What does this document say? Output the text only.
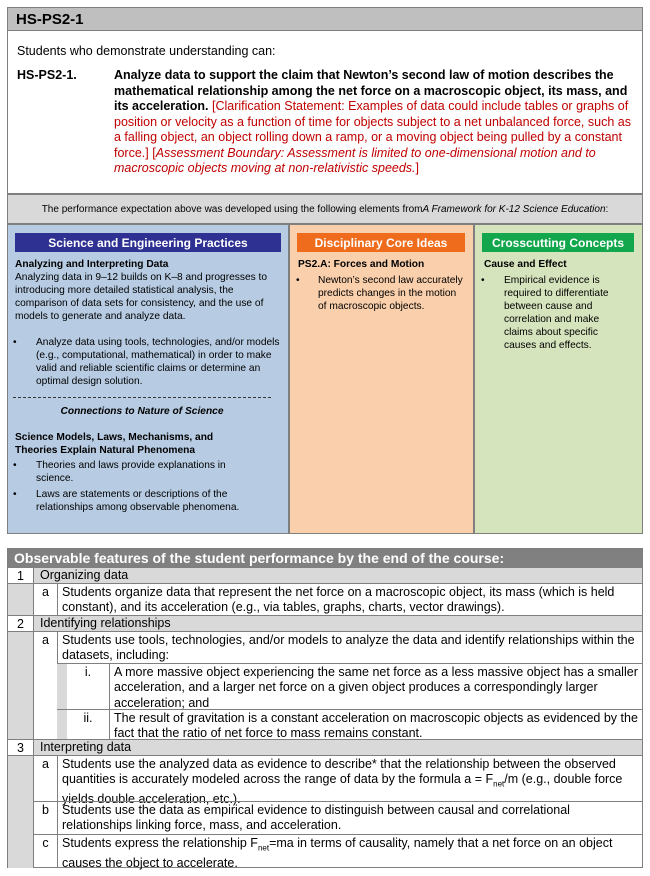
HS-PS2-1
Students who demonstrate understanding can:
HS-PS2-1.	Analyze data to support the claim that Newton’s second law of motion describes the mathematical relationship among the net force on a macroscopic object, its mass, and its acceleration. [Clarification Statement: Examples of data could include tables or graphs of position or velocity as a function of time for objects subject to a net unbalanced force, such as a falling object, an object rolling down a ramp, or a moving object being pulled by a constant force.] [Assessment Boundary: Assessment is limited to one-dimensional motion and to macroscopic objects moving at non-relativistic speeds.]
The performance expectation above was developed using the following elements from A Framework for K-12 Science Education :
Science and Engineering Practices
Analyzing and Interpreting Data
Analyzing data in 9–12 builds on K–8 and progresses to introducing more detailed statistical analysis, the comparison of data sets for consistency, and the use of models to generate and analyze data.
• Analyze data using tools, technologies, and/or models (e.g., computational, mathematical) in order to make valid and reliable scientific claims or determine an optimal design solution.
Connections to Nature of Science
Science Models, Laws, Mechanisms, and Theories Explain Natural Phenomena
• Theories and laws provide explanations in science.
• Laws are statements or descriptions of the relationships among observable phenomena.
Disciplinary Core Ideas
PS2.A: Forces and Motion
• Newton’s second law accurately predicts changes in the motion of macroscopic objects.
Crosscutting Concepts
Cause and Effect
• Empirical evidence is required to differentiate between cause and correlation and make claims about specific causes and effects.
Observable features of the student performance by the end of the course:
1	Organizing data
a	Students organize data that represent the net force on a macroscopic object, its mass (which is held constant), and its acceleration (e.g., via tables, graphs, charts, vector drawings).
2	Identifying relationships
a	Students use tools, technologies, and/or models to analyze the data and identify relationships within the datasets, including:
i.	A more massive object experiencing the same net force as a less massive object has a smaller acceleration, and a larger net force on a given object produces a correspondingly larger acceleration; and
ii.	The result of gravitation is a constant acceleration on macroscopic objects as evidenced by the fact that the ratio of net force to mass remains constant.
3	Interpreting data
a	Students use the analyzed data as evidence to describe* that the relationship between the observed quantities is accurately modeled across the range of data by the formula $a = F_{net}/m$ (e.g., double force yields double acceleration, etc.).
b	Students use the data as empirical evidence to distinguish between causal and correlational relationships linking force, mass, and acceleration.
c	Students express the relationship $F_{net}=ma$ in terms of causality, namely that a net force on an object causes the object to accelerate.
